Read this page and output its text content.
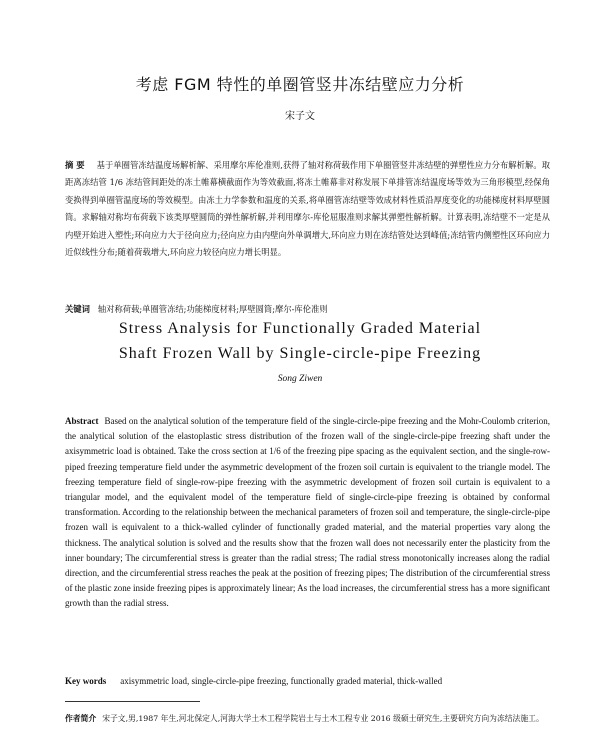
考虑 FGM 特性的单圈管竖井冻结壁应力分析
宋子文
摘 要 基于单圈管冻结温度场解析解、采用摩尔库伦准则,获得了轴对称荷载作用下单圈管竖井冻结壁的弹塑性应力分布解析解。取距离冻结管 1/6 冻结管间距处的冻土帷幕横截面作为等效截面,将冻土帷幕非对称发展下单排管冻结温度场等效为三角形模型,经保角变换得到单圈管温度场的等效模型。由冻土力学参数和温度的关系,将单圈管冻结壁等效成材料性质沿厚度变化的功能梯度材料厚壁圆筒。求解轴对称均布荷载下该类厚壁圆筒的弹性解析解,并利用摩尔-库伦屈服准则求解其弹塑性解析解。计算表明,冻结壁不一定是从内壁开始进入塑性;环向应力大于径向应力;径向应力由内壁向外单调增大,环向应力则在冻结管处达到峰值;冻结管内侧塑性区环向应力近似线性分布;随着荷载增大,环向应力较径向应力增长明显。
关键词 轴对称荷载;单圈管冻结;功能梯度材料;厚壁圆筒;摩尔-库伦准则
Stress Analysis for Functionally Graded Material
Shaft Frozen Wall by Single-circle-pipe Freezing
Song Ziwen
Abstract Based on the analytical solution of the temperature field of the single-circle-pipe freezing and the Mohr-Coulomb criterion, the analytical solution of the elastoplastic stress distribution of the frozen wall of the single-circle-pipe freezing shaft under the axisymmetric load is obtained. Take the cross section at 1/6 of the freezing pipe spacing as the equivalent section, and the single-row-piped freezing temperature field under the asymmetric development of the frozen soil curtain is equivalent to the triangle model. The freezing temperature field of single-row-pipe freezing with the asymmetric development of frozen soil curtain is equivalent to a triangular model, and the equivalent model of the temperature field of single-circle-pipe freezing is obtained by conformal transformation. According to the relationship between the mechanical parameters of frozen soil and temperature, the single-circle-pipe frozen wall is equivalent to a thick-walled cylinder of functionally graded material, and the material properties vary along the thickness. The analytical solution is solved and the results show that the frozen wall does not necessarily enter the plasticity from the inner boundary; The circumferential stress is greater than the radial stress; The radial stress monotonically increases along the radial direction, and the circumferential stress reaches the peak at the position of freezing pipes; The distribution of the circumferential stress of the plastic zone inside freezing pipes is approximately linear; As the load increases, the circumferential stress has a more significant growth than the radial stress.
Key words axisymmetric load, single-circle-pipe freezing, functionally graded material, thick-walled
作者简介 宋子文,男,1987 年生,河北保定人,河海大学土木工程学院岩土与土木工程专业 2016 级硕士研究生,主要研究方向为冻结法施工。
